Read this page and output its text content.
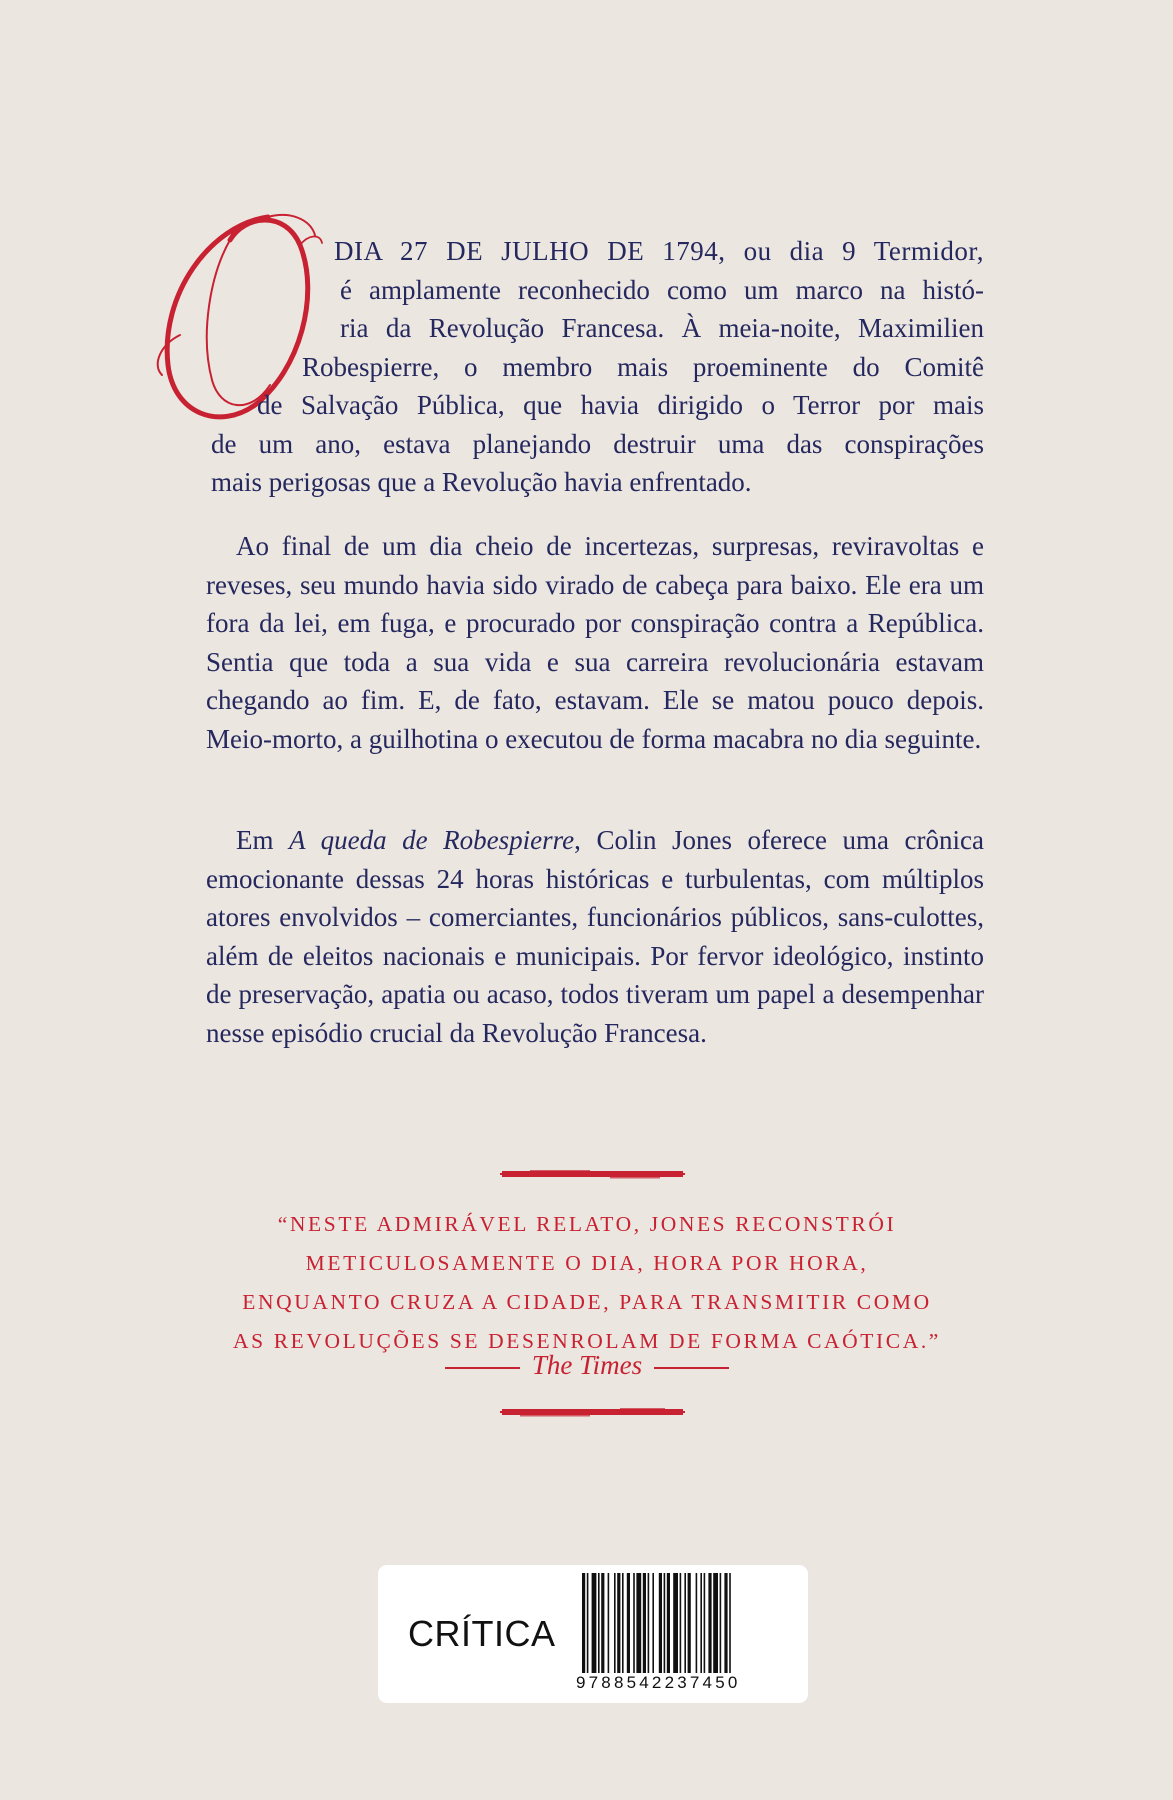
DIA 27 DE JULHO DE 1794, ou dia 9 Termidor,
é amplamente reconhecido como um marco na histó-
ria da Revolução Francesa. À meia-noite, Maximilien
Robespierre, o membro mais proeminente do Comitê
de Salvação Pública, que havia dirigido o Terror por mais
de um ano, estava planejando destruir uma das conspirações
mais perigosas que a Revolução havia enfrentado.

Ao final de um dia cheio de incertezas, surpresas, reviravoltas e reveses, seu mundo havia sido virado de cabeça para baixo. Ele era um fora da lei, em fuga, e procurado por conspiração contra a República. Sentia que toda a sua vida e sua carreira revolucionária estavam chegando ao fim. E, de fato, estavam. Ele se matou pouco depois. Meio-morto, a guilhotina o executou de forma macabra no dia seguinte.

Em A queda de Robespierre, Colin Jones oferece uma crônica emocionante dessas 24 horas históricas e turbulentas, com múltiplos atores envolvidos – comerciantes, funcionários públicos, sans-culottes, além de eleitos nacionais e municipais. Por fervor ideológico, instinto de preservação, apatia ou acaso, todos tiveram um papel a desempenhar nesse episódio crucial da Revolução Francesa.

“NESTE ADMIRÁVEL RELATO, JONES RECONSTRÓI
METICULOSAMENTE O DIA, HORA POR HORA,
ENQUANTO CRUZA A CIDADE, PARA TRANSMITIR COMO
AS REVOLUÇÕES SE DESENROLAM DE FORMA CAÓTICA.”
The Times
CRÍTICA
9788542237450
